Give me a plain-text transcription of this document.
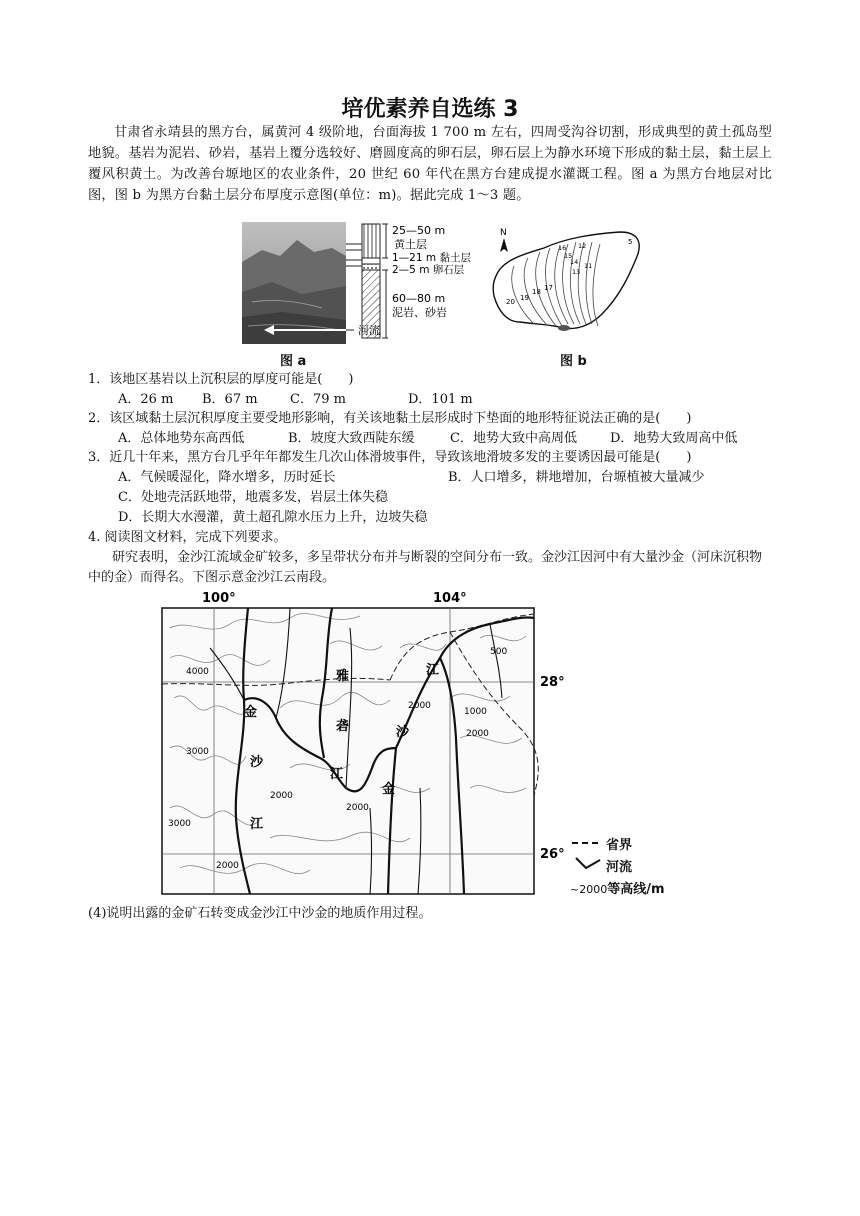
培优素养自选练 3
甘肃省永靖县的黑方台，属黄河 4 级阶地，台面海拔 1 700 m 左右，四周受沟谷切割，形成典型的黄土孤岛型地貌。基岩为泥岩、砂岩，基岩上覆分选较好、磨圆度高的卵石层，卵石层上为静水环境下形成的黏土层，黏土层上覆风积黄土。为改善台塬地区的农业条件，20 世纪 60 年代在黑方台建成提水灌溉工程。图 a 为黑方台地层对比图，图 b 为黑方台黏土层分布厚度示意图(单位：m)。据此完成 1～3 题。
25—50 m
黄土层
1—21 m 黏土层
2—5 m 卵石层
60—80 m
泥岩、砂岩
河流
N
20 19
18 17
16
15
14
13
12
11
5
图 a	图 b
1．该地区基岩以上沉积层的厚度可能是(　　)
A．26 m B．67 m C．79 m	D．101 m
2．该区域黏土层沉积厚度主要受地形影响，有关该地黏土层形成时下垫面的地形特征说法正确的是(　　)
A．总体地势东高西低	B．坡度大致西陡东缓	C．地势大致中高周低	D．地势大致周高中低
3．近几十年来，黑方台几乎年年都发生几次山体滑坡事件，导致该地滑坡多发的主要诱因最可能是(　　)
A．气候暖湿化，降水增多，历时延长	B．人口增多，耕地增加，台塬植被大量减少
C．处地壳活跃地带，地震多发，岩层土体失稳
D．长期大水漫灌，黄土超孔隙水压力上升，边坡失稳
4. 阅读图文材料，完成下列要求。
研究表明，金沙江流域金矿较多，多呈带状分布并与断裂的空间分布一致。金沙江因河中有大量沙金（河床沉积物中的金）而得名。下图示意金沙江云南段。
100°	104°
28°
26°
金
沙
江
雅
砻
江
金
沙
江
4000
3000
3000
2000
2000
2000
2000
1000
500
2000
省界
河流
~2000等高线/m
(4)说明出露的金矿石转变成金沙江中沙金的地质作用过程。
